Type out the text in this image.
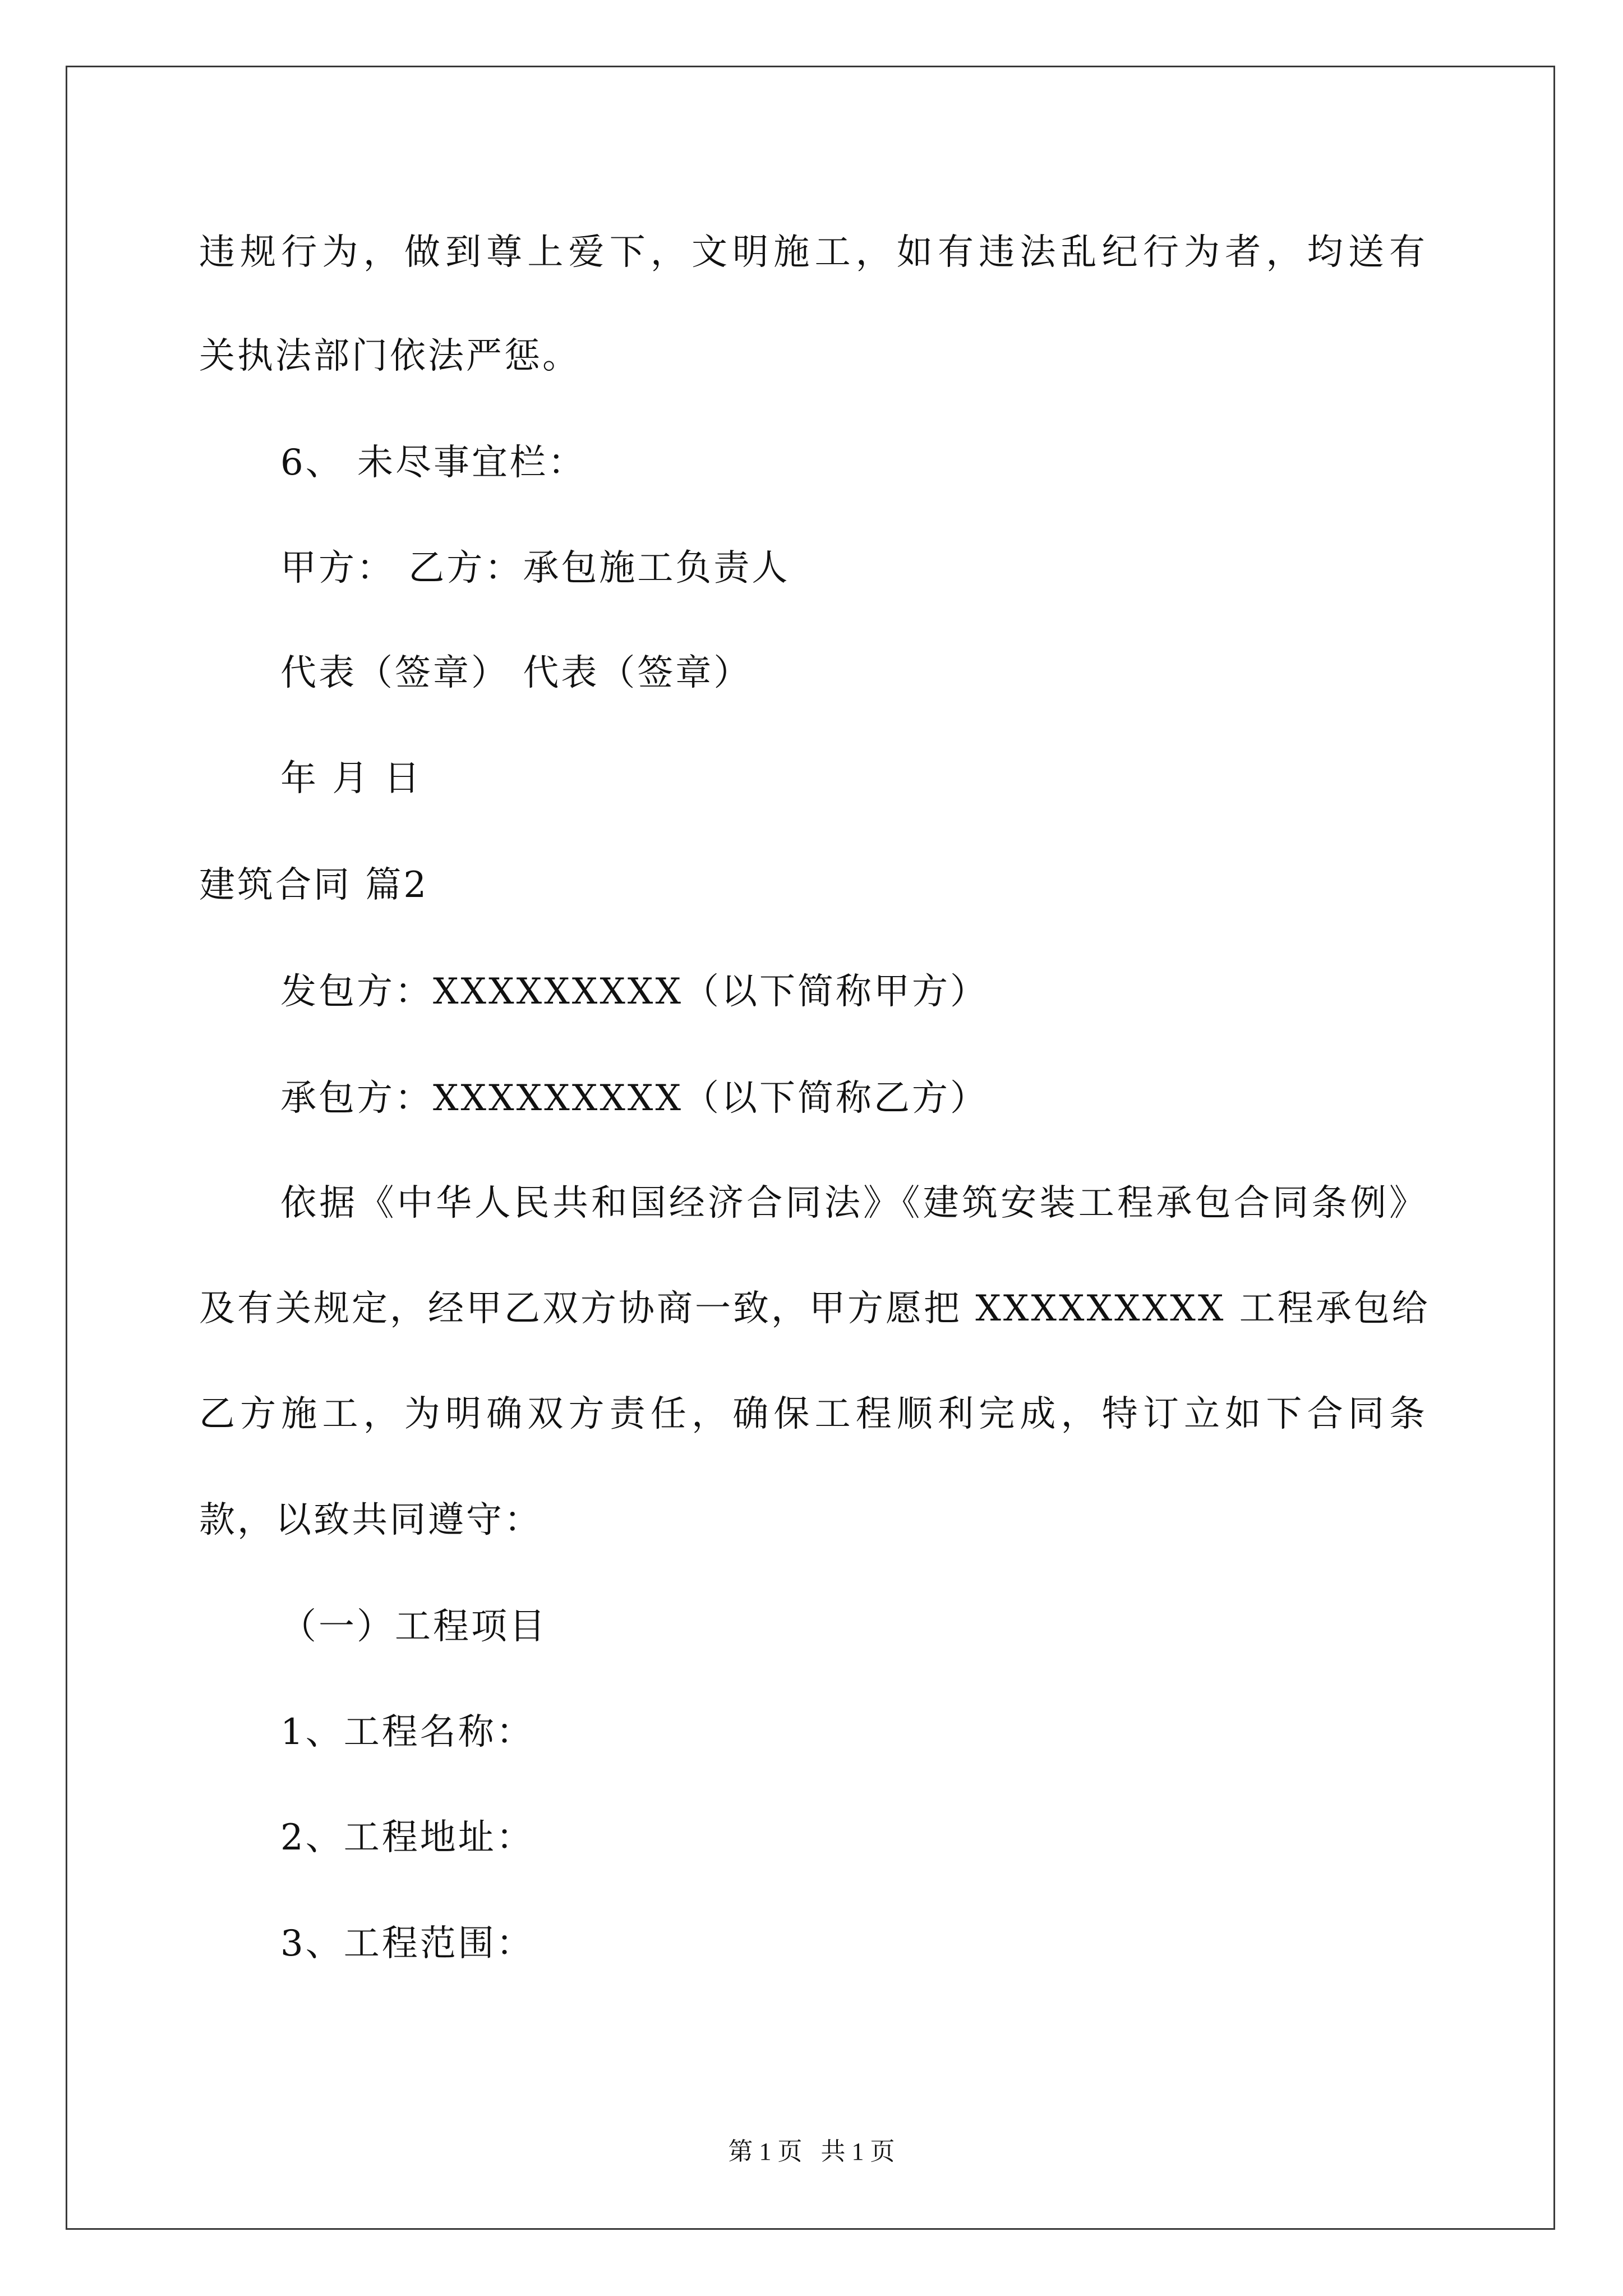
违规行为，做到尊上爱下，文明施工，如有违法乱纪行为者，均送有
关执法部门依法严惩。
6、 未尽事宜栏：
甲方： 乙方：承包施工负责人
代表（签章） 代表（签章）
年 月 日
建筑合同 篇2
发包方：XXXXXXXXX（以下简称甲方）
承包方：XXXXXXXXX（以下简称乙方）
依据《中华人民共和国经济合同法》《建筑安装工程承包合同条例》
及有关规定，经甲乙双方协商一致，甲方愿把 XXXXXXXXX 工程承包给
乙方施工，为明确双方责任，确保工程顺利完成，特订立如下合同条
款，以致共同遵守：
（一）工程项目
1、工程名称：
2、工程地址：
3、工程范围：
第 1 页   共 1 页
